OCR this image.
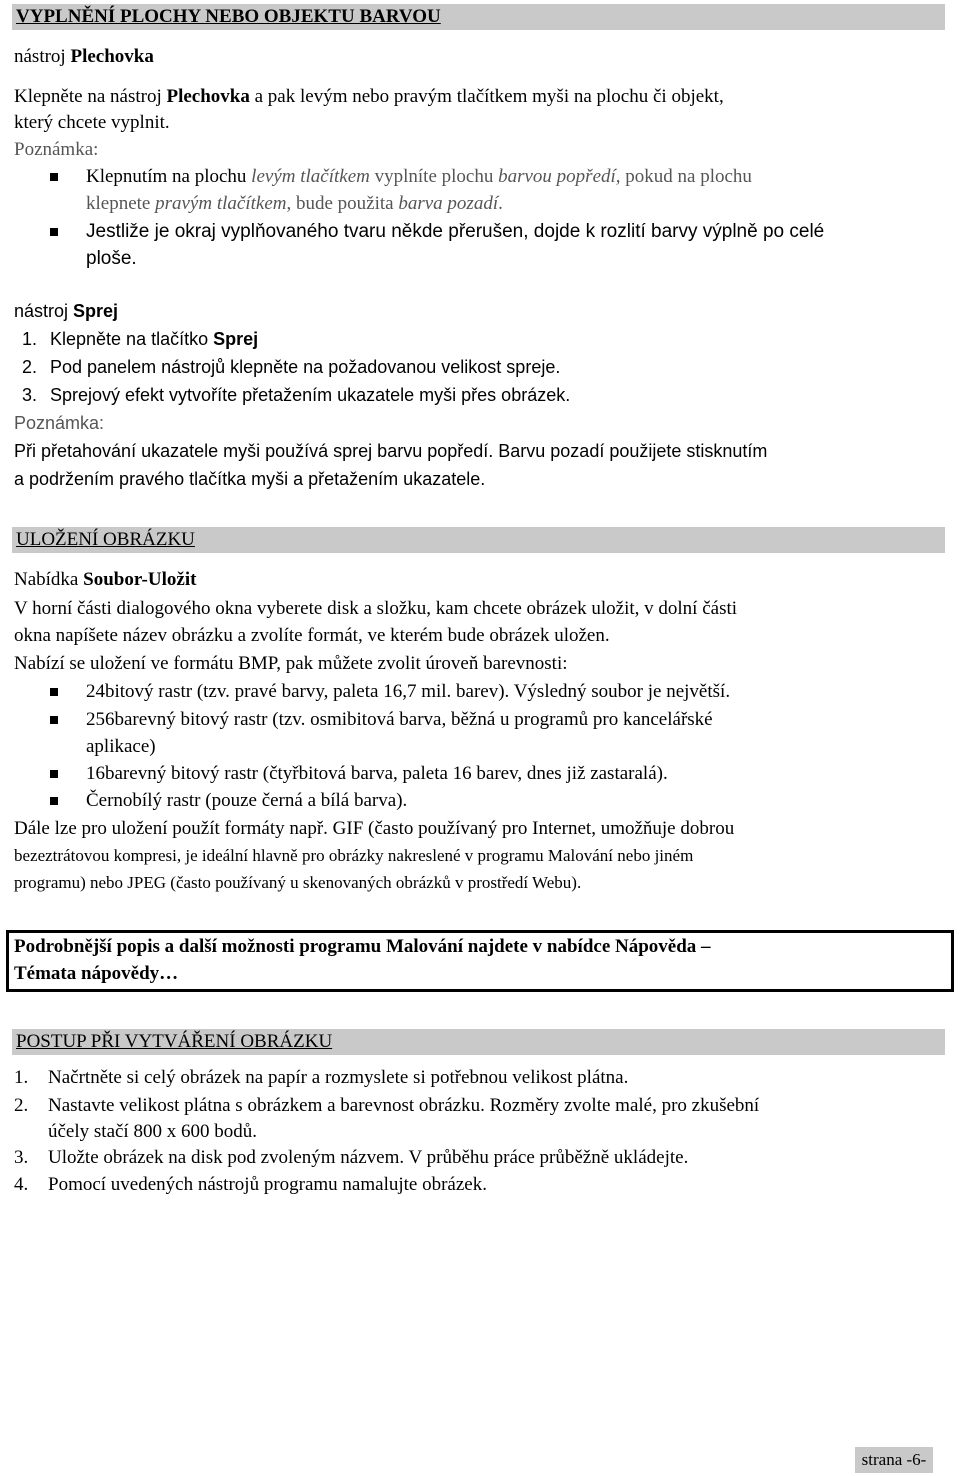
VYPLNĚNÍ PLOCHY NEBO OBJEKTU BARVOU
nástroj Plechovka
Klepněte na nástroj Plechovka a pak levým nebo pravým tlačítkem myši na plochu či objekt,
který chcete vyplnit.
Poznámka:
Klepnutím na plochu levým tlačítkem vyplníte plochu barvou popředí, pokud na plochu
klepnete pravým tlačítkem, bude použita barva pozadí.
Jestliže je okraj vyplňovaného tvaru někde přerušen, dojde k rozlití barvy výplně po celé
ploše.
nástroj Sprej
1. Klepněte na tlačítko Sprej
2. Pod panelem nástrojů klepněte na požadovanou velikost spreje.
3. Sprejový efekt vytvoříte přetažením ukazatele myši přes obrázek.
Poznámka:
Při přetahování ukazatele myši používá sprej barvu popředí. Barvu pozadí použijete stisknutím
a podržením pravého tlačítka myši a přetažením ukazatele.
ULOŽENÍ OBRÁZKU
Nabídka Soubor-Uložit
V horní části dialogového okna vyberete disk a složku, kam chcete obrázek uložit, v dolní části
okna napíšete název obrázku a zvolíte formát, ve kterém bude obrázek uložen.
Nabízí se uložení ve formátu BMP, pak můžete zvolit úroveň barevnosti:
24bitový rastr (tzv. pravé barvy, paleta 16,7 mil. barev). Výsledný soubor je největší.
256barevný bitový rastr (tzv. osmibitová barva, běžná u programů pro kancelářské
aplikace)
16barevný bitový rastr (čtyřbitová barva, paleta 16 barev, dnes již zastaralá).
Černobílý rastr (pouze černá a bílá barva).
Dále lze pro uložení použít formáty např. GIF (často používaný pro Internet, umožňuje dobrou
bezeztrátovou kompresi, je ideální hlavně pro obrázky nakreslené v programu Malování nebo jiném
programu) nebo JPEG (často používaný u skenovaných obrázků v prostředí Webu).
Podrobnější popis a další možnosti programu Malování najdete v nabídce Nápověda –
Témata nápovědy…
POSTUP PŘI VYTVÁŘENÍ OBRÁZKU
1. Načrtněte si celý obrázek na papír a rozmyslete si potřebnou velikost plátna.
2. Nastavte velikost plátna s obrázkem a barevnost obrázku. Rozměry zvolte malé, pro zkušební
účely stačí 800 x 600 bodů.
3. Uložte obrázek na disk pod zvoleným názvem. V průběhu práce průběžně ukládejte.
4. Pomocí uvedených nástrojů programu namalujte obrázek.
strana -6-
